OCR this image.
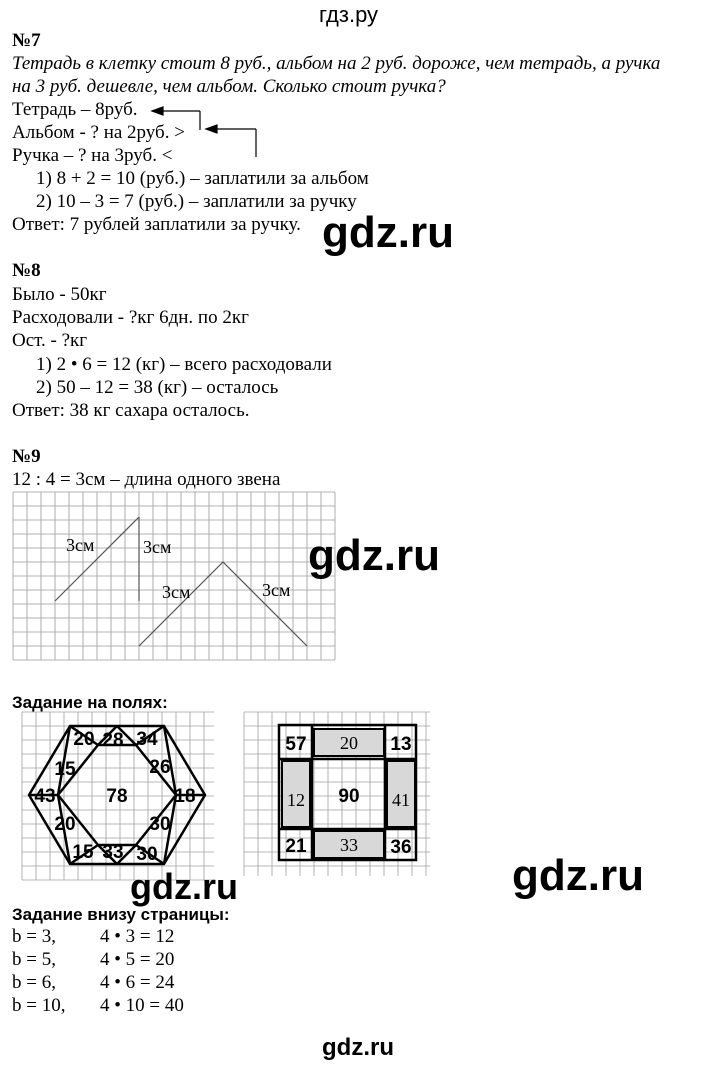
гдз.ру
№7
Тетрадь в клетку стоит 8 руб., альбом на 2 руб. дороже, чем тетрадь, а ручка
на 3 руб. дешевле, чем альбом. Сколько стоит ручка?
Тетрадь – 8руб.
Альбом - ? на 2руб. >
Ручка – ? на 3руб. <
1) 8 + 2 = 10 (руб.) – заплатили за альбом
2) 10 – 3 = 7 (руб.) – заплатили за ручку
Ответ: 7 рублей заплатили за ручку. gdz.ru
№8
Было - 50кг
Расходовали - ?кг 6дн. по 2кг
Ост. - ?кг
1) 2 • 6 = 12 (кг) – всего расходовали
2) 50 – 12 = 38 (кг) – осталось
Ответ: 38 кг сахара осталось.
№9
12 : 4 = 3см – длина одного звена
3см	3см
3см	3см
gdz.ru
Задание на полях:
78
20 28 34
15	26
43	18
20	30
15 33 30
90
57	13
21	36
20
12	41
33
gdz.ru	gdz.ru
Задание внизу страницы:
b = 3, 4 • 3 = 12
b = 5, 4 • 5 = 20
b = 6, 4 • 6 = 24
b = 10, 4 • 10 = 40
gdz.ru
